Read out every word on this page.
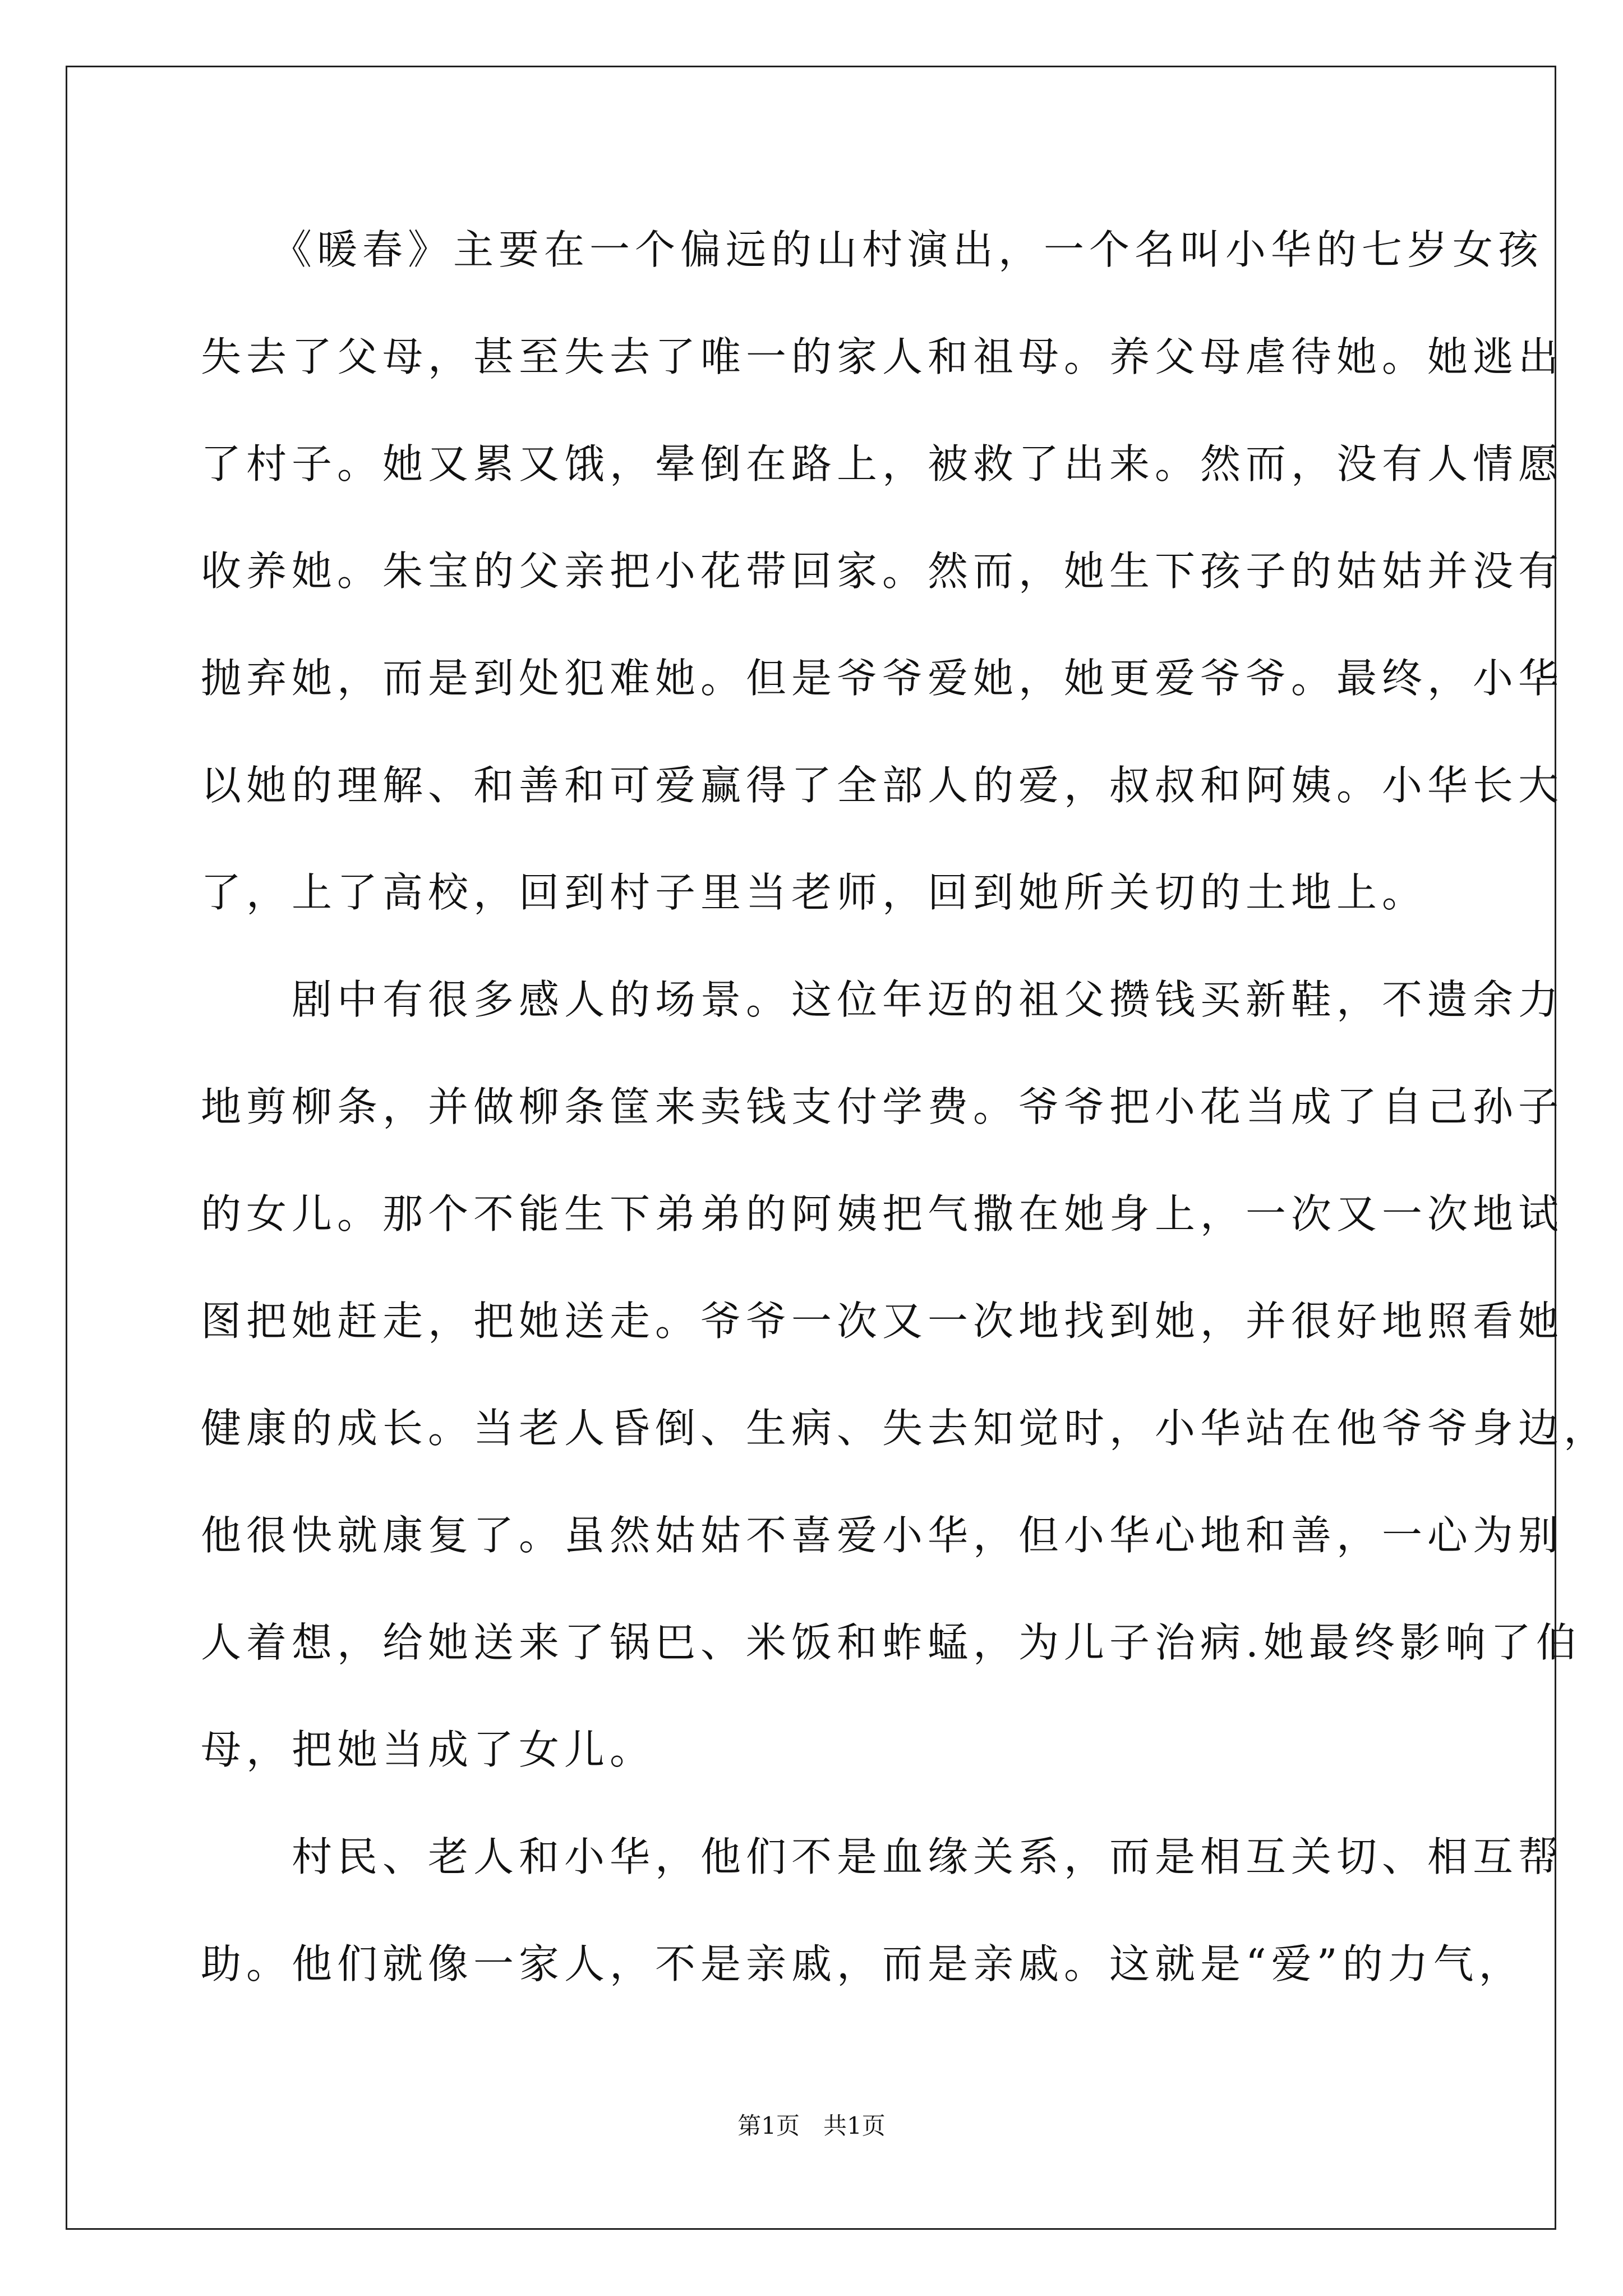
　　《暖春》主要在一个偏远的山村演出，一个名叫小华的七岁女孩
失去了父母，甚至失去了唯一的家人和祖母。养父母虐待她。她逃出
了村子。她又累又饿，晕倒在路上，被救了出来。然而，没有人情愿
收养她。朱宝的父亲把小花带回家。然而，她生下孩子的姑姑并没有
抛弃她，而是到处犯难她。但是爷爷爱她，她更爱爷爷。最终，小华
以她的理解、和善和可爱赢得了全部人的爱，叔叔和阿姨。小华长大
了，上了高校，回到村子里当老师，回到她所关切的土地上。
　　剧中有很多感人的场景。这位年迈的祖父攒钱买新鞋，不遗余力
地剪柳条，并做柳条筐来卖钱支付学费。爷爷把小花当成了自己孙子
的女儿。那个不能生下弟弟的阿姨把气撒在她身上，一次又一次地试
图把她赶走，把她送走。爷爷一次又一次地找到她，并很好地照看她
健康的成长。当老人昏倒、生病、失去知觉时，小华站在他爷爷身边，
他很快就康复了。虽然姑姑不喜爱小华，但小华心地和善，一心为别
人着想，给她送来了锅巴、米饭和蚱蜢，为儿子治病.她最终影响了伯
母，把她当成了女儿。
　　村民、老人和小华，他们不是血缘关系，而是相互关切、相互帮
助。他们就像一家人，不是亲戚，而是亲戚。这就是“爱”的力气，
第1页　共1页
